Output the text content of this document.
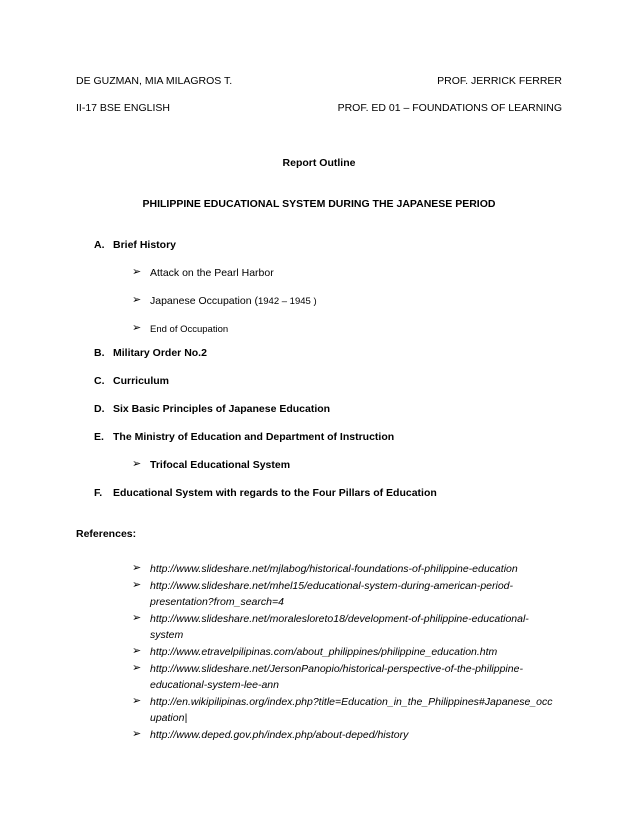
DE GUZMAN, MIA MILAGROS T.	PROF. JERRICK FERRER
II-17 BSE ENGLISH	PROF. ED 01 – FOUNDATIONS OF LEARNING
Report Outline
PHILIPPINE EDUCATIONAL SYSTEM DURING THE JAPANESE PERIOD
A. Brief History
➢ Attack on the Pearl Harbor
➢ Japanese Occupation (1942 – 1945 )
➢ End of Occupation
B. Military Order No.2
C. Curriculum
D. Six Basic Principles of Japanese Education
E. The Ministry of Education and Department of Instruction
➢ Trifocal Educational System
F. Educational System with regards to the Four Pillars of Education
References:
➢ http://www.slideshare.net/mjlabog/historical-foundations-of-philippine-education
➢ http://www.slideshare.net/mhel15/educational-system-during-american-period-
presentation?from_search=4
➢ http://www.slideshare.net/moralesloreto18/development-of-philippine-educational-
system
➢ http://www.etravelpilipinas.com/about_philippines/philippine_education.htm
➢ http://www.slideshare.net/JersonPanopio/historical-perspective-of-the-philippine-
educational-system-lee-ann
➢ http://en.wikipilipinas.org/index.php?title=Education_in_the_Philippines#Japanese_occ
upation|
➢ http://www.deped.gov.ph/index.php/about-deped/history
